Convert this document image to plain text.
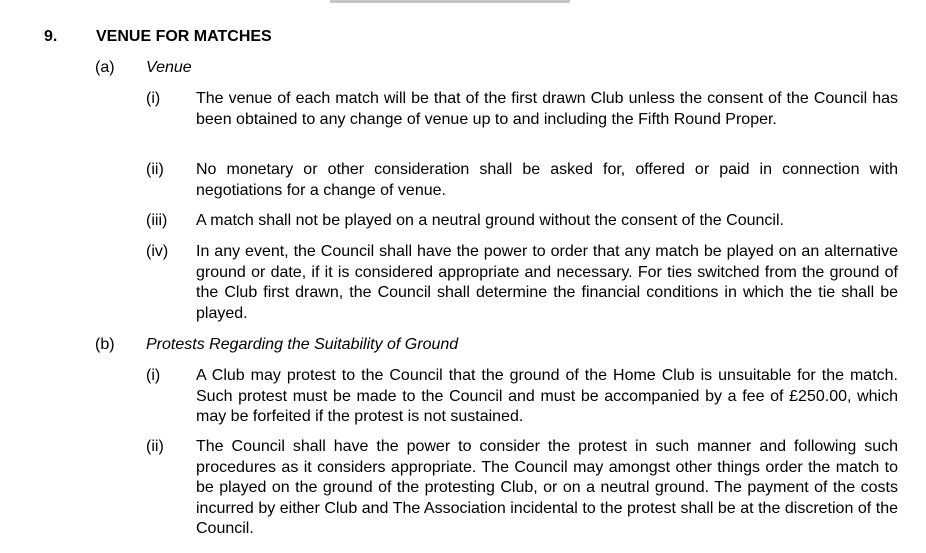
9. VENUE FOR MATCHES
(a) Venue
(i) The venue of each match will be that of the first drawn Club unless the consent of the Council has been obtained to any change of venue up to and including the Fifth Round Proper.
(ii) No monetary or other consideration shall be asked for, offered or paid in connection with negotiations for a change of venue.
(iii) A match shall not be played on a neutral ground without the consent of the Council.
(iv) In any event, the Council shall have the power to order that any match be played on an alternative ground or date, if it is considered appropriate and necessary. For ties switched from the ground of the Club first drawn, the Council shall determine the financial conditions in which the tie shall be played.
(b) Protests Regarding the Suitability of Ground
(i) A Club may protest to the Council that the ground of the Home Club is unsuitable for the match. Such protest must be made to the Council and must be accompanied by a fee of £250.00, which may be forfeited if the protest is not sustained.
(ii) The Council shall have the power to consider the protest in such manner and following such procedures as it considers appropriate. The Council may amongst other things order the match to be played on the ground of the protesting Club, or on a neutral ground. The payment of the costs incurred by either Club and The Association incidental to the protest shall be at the discretion of the Council.
